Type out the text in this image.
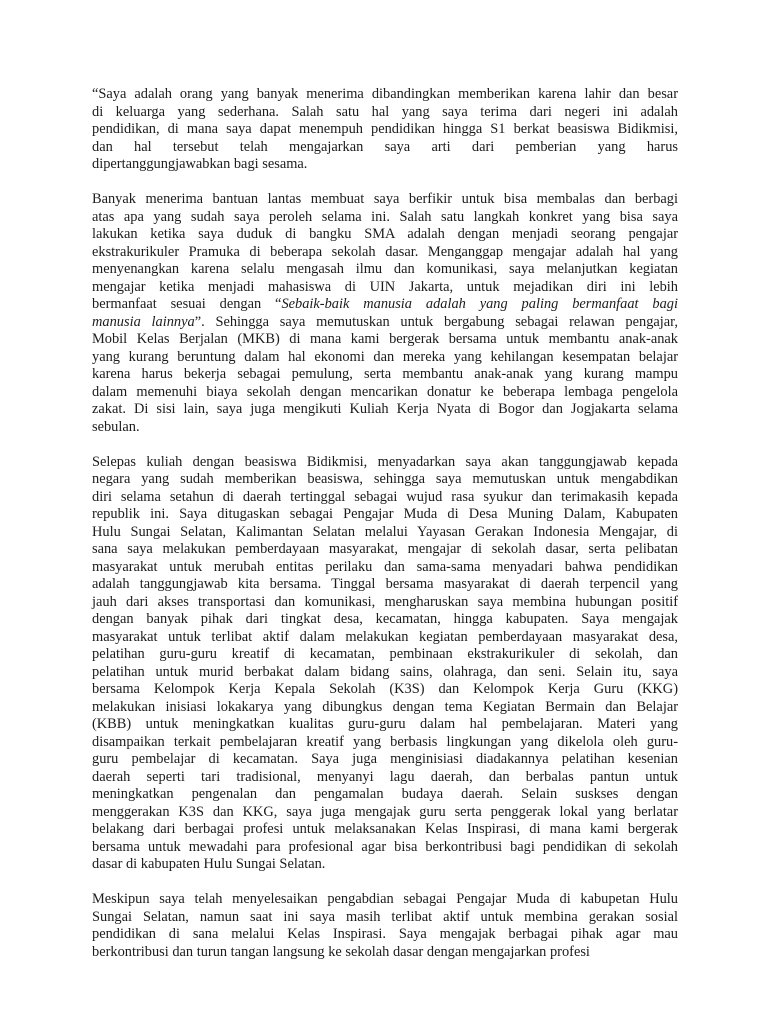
“Saya adalah orang yang banyak menerima dibandingkan memberikan karena lahir dan besar
di keluarga yang sederhana. Salah satu hal yang saya terima dari negeri ini adalah
pendidikan, di mana saya dapat menempuh pendidikan hingga S1 berkat beasiswa Bidikmisi,
dan hal tersebut telah mengajarkan saya arti dari pemberian yang harus
dipertanggungjawabkan bagi sesama.
Banyak menerima bantuan lantas membuat saya berfikir untuk bisa membalas dan berbagi
atas apa yang sudah saya peroleh selama ini. Salah satu langkah konkret yang bisa saya
lakukan ketika saya duduk di bangku SMA adalah dengan menjadi seorang pengajar
ekstrakurikuler Pramuka di beberapa sekolah dasar. Menganggap mengajar adalah hal yang
menyenangkan karena selalu mengasah ilmu dan komunikasi, saya melanjutkan kegiatan
mengajar ketika menjadi mahasiswa di UIN Jakarta, untuk mejadikan diri ini lebih
bermanfaat sesuai dengan “Sebaik-baik manusia adalah yang paling bermanfaat bagi
manusia lainnya”. Sehingga saya memutuskan untuk bergabung sebagai relawan pengajar,
Mobil Kelas Berjalan (MKB) di mana kami bergerak bersama untuk membantu anak-anak
yang kurang beruntung dalam hal ekonomi dan mereka yang kehilangan kesempatan belajar
karena harus bekerja sebagai pemulung, serta membantu anak-anak yang kurang mampu
dalam memenuhi biaya sekolah dengan mencarikan donatur ke beberapa lembaga pengelola
zakat. Di sisi lain, saya juga mengikuti Kuliah Kerja Nyata di Bogor dan Jogjakarta selama
sebulan.
Selepas kuliah dengan beasiswa Bidikmisi, menyadarkan saya akan tanggungjawab kepada
negara yang sudah memberikan beasiswa, sehingga saya memutuskan untuk mengabdikan
diri selama setahun di daerah tertinggal sebagai wujud rasa syukur dan terimakasih kepada
republik ini. Saya ditugaskan sebagai Pengajar Muda di Desa Muning Dalam, Kabupaten
Hulu Sungai Selatan, Kalimantan Selatan melalui Yayasan Gerakan Indonesia Mengajar, di
sana saya melakukan pemberdayaan masyarakat, mengajar di sekolah dasar, serta pelibatan
masyarakat untuk merubah entitas perilaku dan sama-sama menyadari bahwa pendidikan
adalah tanggungjawab kita bersama. Tinggal bersama masyarakat di daerah terpencil yang
jauh dari akses transportasi dan komunikasi, mengharuskan saya membina hubungan positif
dengan banyak pihak dari tingkat desa, kecamatan, hingga kabupaten. Saya mengajak
masyarakat untuk terlibat aktif dalam melakukan kegiatan pemberdayaan masyarakat desa,
pelatihan guru-guru kreatif di kecamatan, pembinaan ekstrakurikuler di sekolah, dan
pelatihan untuk murid berbakat dalam bidang sains, olahraga, dan seni. Selain itu, saya
bersama Kelompok Kerja Kepala Sekolah (K3S) dan Kelompok Kerja Guru (KKG)
melakukan inisiasi lokakarya yang dibungkus dengan tema Kegiatan Bermain dan Belajar
(KBB) untuk meningkatkan kualitas guru-guru dalam hal pembelajaran. Materi yang
disampaikan terkait pembelajaran kreatif yang berbasis lingkungan yang dikelola oleh guru-
guru pembelajar di kecamatan. Saya juga menginisiasi diadakannya pelatihan kesenian
daerah seperti tari tradisional, menyanyi lagu daerah, dan berbalas pantun untuk
meningkatkan pengenalan dan pengamalan budaya daerah. Selain suskses dengan
menggerakan K3S dan KKG, saya juga mengajak guru serta penggerak lokal yang berlatar
belakang dari berbagai profesi untuk melaksanakan Kelas Inspirasi, di mana kami bergerak
bersama untuk mewadahi para profesional agar bisa berkontribusi bagi pendidikan di sekolah
dasar di kabupaten Hulu Sungai Selatan.
Meskipun saya telah menyelesaikan pengabdian sebagai Pengajar Muda di kabupetan Hulu
Sungai Selatan, namun saat ini saya masih terlibat aktif untuk membina gerakan sosial
pendidikan di sana melalui Kelas Inspirasi. Saya mengajak berbagai pihak agar mau
berkontribusi dan turun tangan langsung ke sekolah dasar dengan mengajarkan profesi
